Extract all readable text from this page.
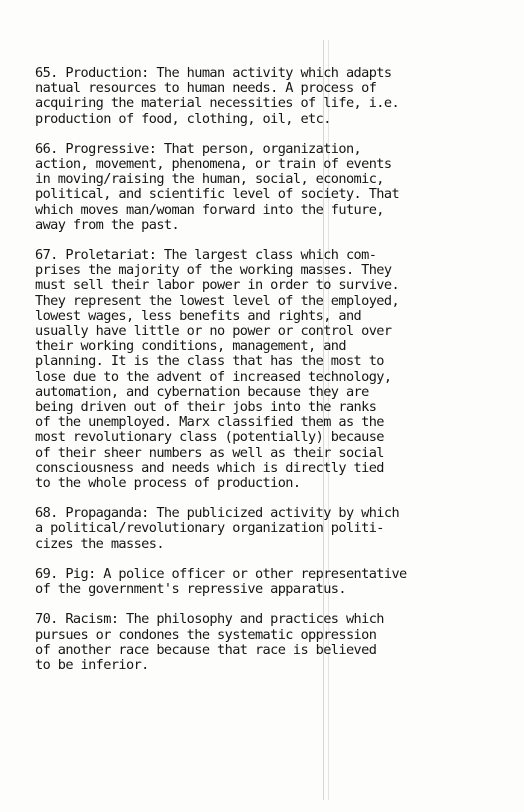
65. Production: The human activity which adapts
natual resources to human needs. A process of
acquiring the material necessities of life, i.e.
production of food, clothing, oil, etc.
66. Progressive: That person, organization,
action, movement, phenomena, or train of events
in moving/raising the human, social, economic,
political, and scientific level of society. That
which moves man/woman forward into the future,
away from the past.
67. Proletariat: The largest class which com-
prises the majority of the working masses. They
must sell their labor power in order to survive.
They represent the lowest level of the employed,
lowest wages, less benefits and rights, and
usually have little or no power or control over
their working conditions, management, and
planning. It is the class that has the most to
lose due to the advent of increased technology,
automation, and cybernation because they are
being driven out of their jobs into the ranks
of the unemployed. Marx classified them as the
most revolutionary class (potentially) because
of their sheer numbers as well as their social
consciousness and needs which is directly tied
to the whole process of production.
68. Propaganda: The publicized activity by which
a political/revolutionary organization politi-
cizes the masses.
69. Pig: A police officer or other representative
of the government's repressive apparatus.
70. Racism: The philosophy and practices which
pursues or condones the systematic oppression
of another race because that race is believed
to be inferior.
